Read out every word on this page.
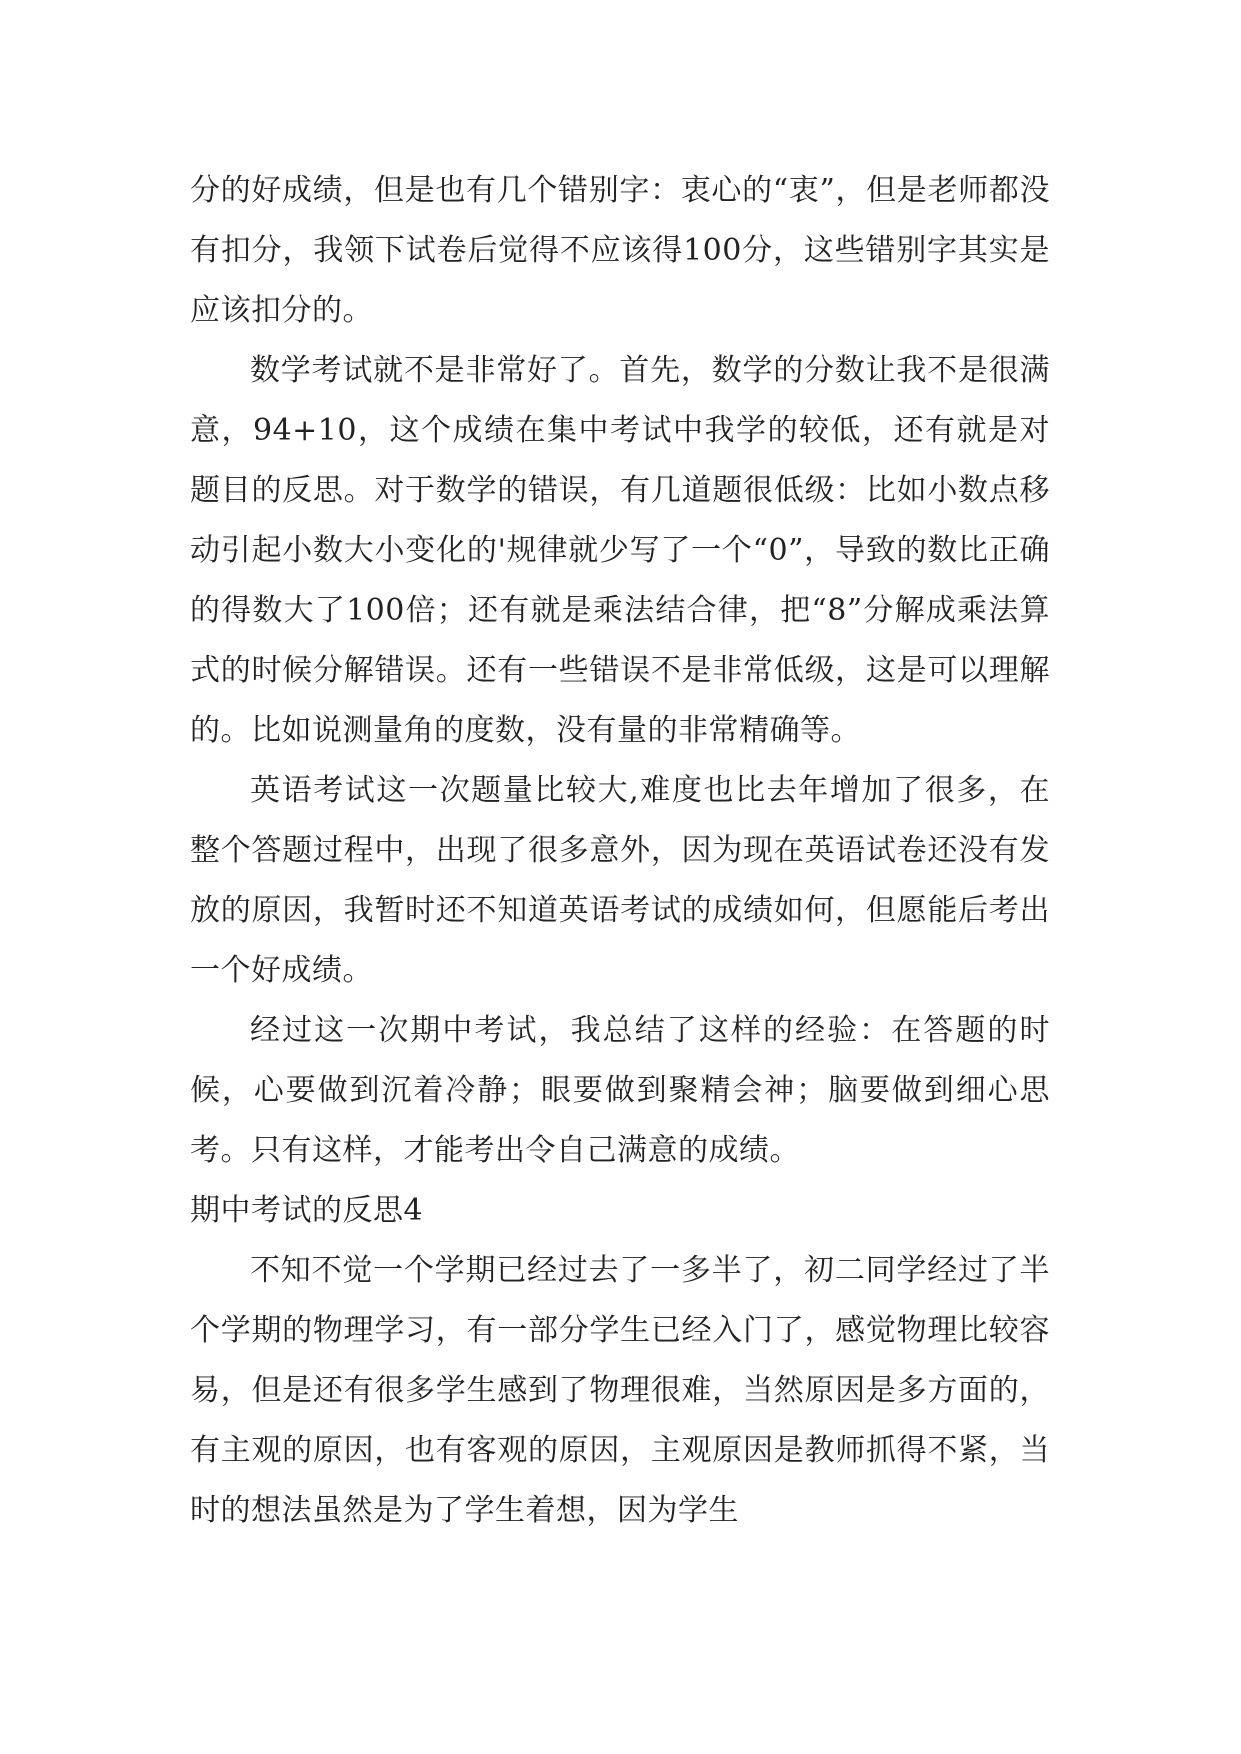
分的好成绩，但是也有几个错别字：衷心的“衷”，但是老师都没有扣分，我领下试卷后觉得不应该得100分，这些错别字其实是应该扣分的。

数学考试就不是非常好了。首先，数学的分数让我不是很满意，94+10，这个成绩在集中考试中我学的较低，还有就是对题目的反思。对于数学的错误，有几道题很低级：比如小数点移动引起小数大小变化的'规律就少写了一个“0”，导致的数比正确的得数大了100倍；还有就是乘法结合律，把“8”分解成乘法算式的时候分解错误。还有一些错误不是非常低级，这是可以理解的。比如说测量角的度数，没有量的非常精确等。

英语考试这一次题量比较大,难度也比去年增加了很多，在整个答题过程中，出现了很多意外，因为现在英语试卷还没有发放的原因，我暂时还不知道英语考试的成绩如何，但愿能后考出一个好成绩。

经过这一次期中考试，我总结了这样的经验：在答题的时候，心要做到沉着冷静；眼要做到聚精会神；脑要做到细心思考。只有这样，才能考出令自己满意的成绩。

期中考试的反思4

不知不觉一个学期已经过去了一多半了，初二同学经过了半个学期的物理学习，有一部分学生已经入门了，感觉物理比较容易，但是还有很多学生感到了物理很难，当然原因是多方面的，有主观的原因，也有客观的原因，主观原因是教师抓得不紧，当时的想法虽然是为了学生着想，因为学生
